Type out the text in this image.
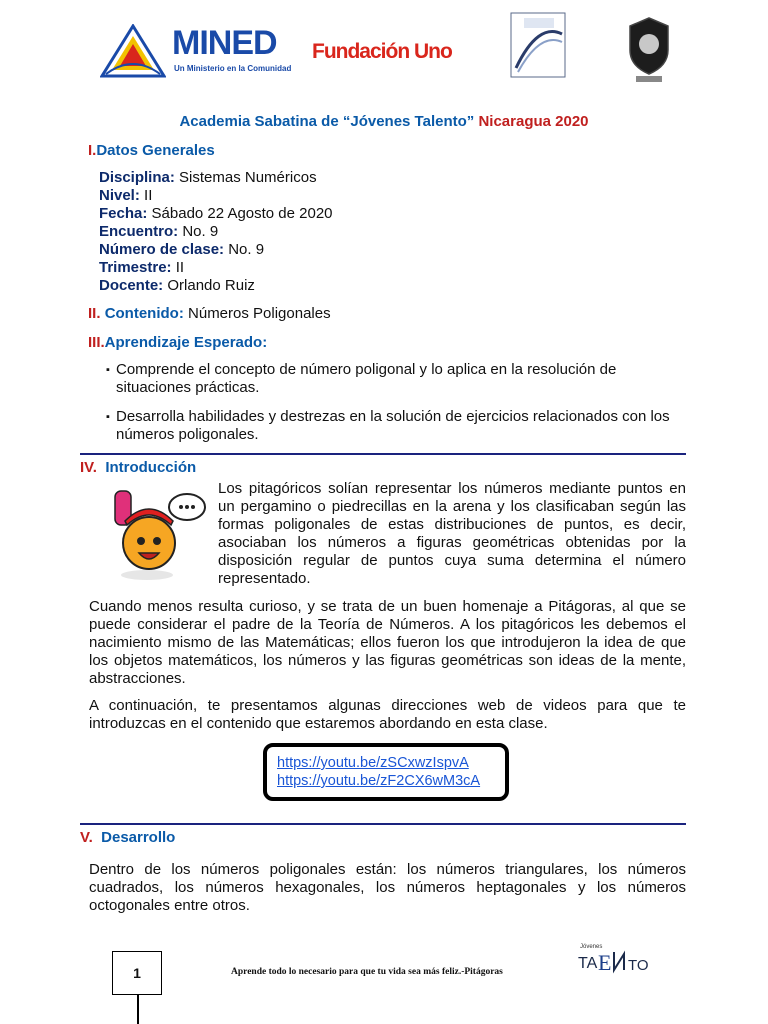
MINED
Un Ministerio en la Comunidad
Fundación Uno
Academia Sabatina de “Jóvenes Talento” Nicaragua 2020
I.Datos Generales
Disciplina: Sistemas Numéricos
Nivel: II
Fecha: Sábado 22 Agosto de 2020
Encuentro: No. 9
Número de clase: No. 9
Trimestre: II
Docente: Orlando Ruiz
II. Contenido: Números Poligonales
III.Aprendizaje Esperado:
▪ Comprende el concepto de número poligonal y lo aplica en la resolución de situaciones prácticas.
▪ Desarrolla habilidades y destrezas en la solución de ejercicios relacionados con los números poligonales.
IV. Introducción
Los pitagóricos solían representar los números mediante puntos en un pergamino o piedrecillas en la arena y los clasificaban según las formas poligonales de estas distribuciones de puntos, es decir, asociaban los números a figuras geométricas obtenidas por la disposición regular de puntos cuya suma determina el número representado.
Cuando menos resulta curioso, y se trata de un buen homenaje a Pitágoras, al que se puede considerar el padre de la Teoría de Números. A los pitagóricos les debemos el nacimiento mismo de las Matemáticas; ellos fueron los que introdujeron la idea de que los objetos matemáticos, los números y las figuras geométricas son ideas de la mente, abstracciones.
A continuación, te presentamos algunas direcciones web de videos para que te introduzcas en el contenido que estaremos abordando en esta clase.
https://youtu.be/zSCxwzIspvA
https://youtu.be/zF2CX6wM3cA
V. Desarrollo
Dentro de los números poligonales están: los números triangulares, los números cuadrados, los números hexagonales, los números heptagonales y los números octogonales entre otros.
1	Aprende todo lo necesario para que tu vida sea más feliz.-Pitágoras
Jóvenes
TA E TO
